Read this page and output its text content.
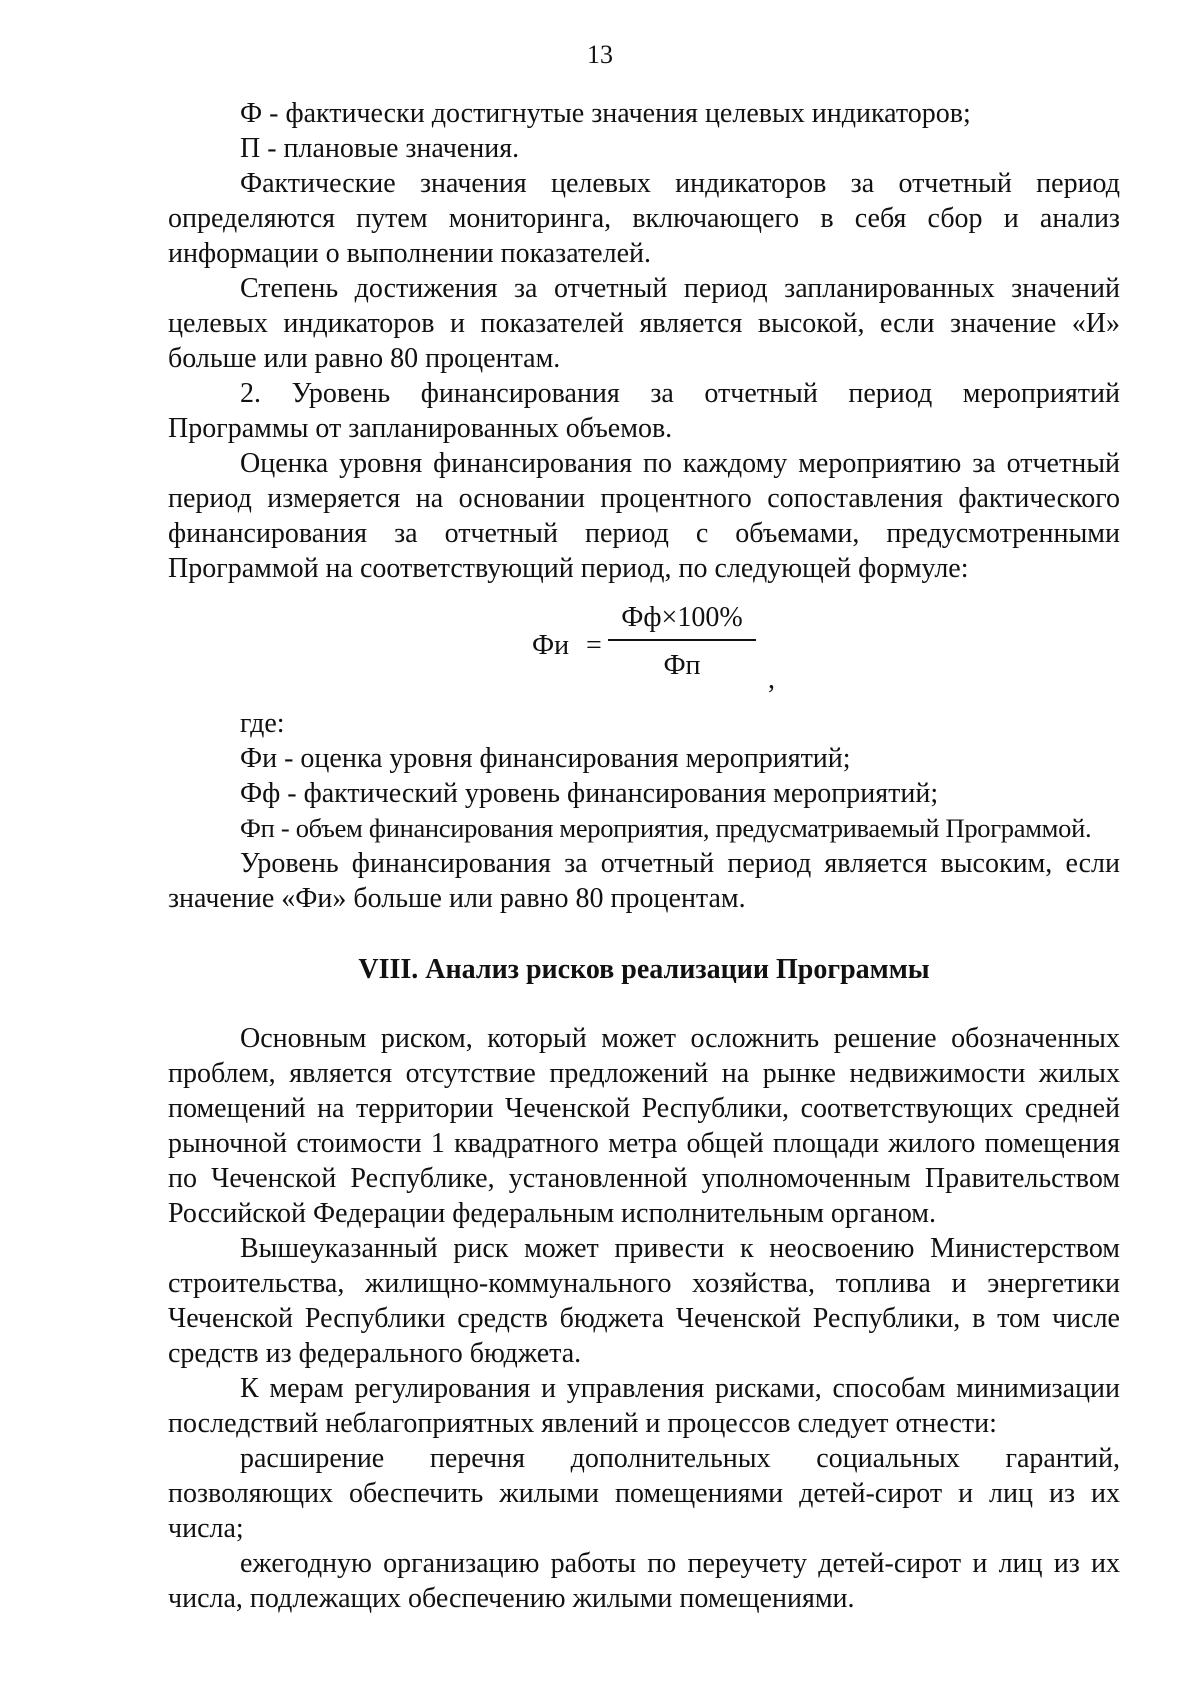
13

Ф - фактически достигнутые значения целевых индикаторов;

П - плановые значения.

Фактические значения целевых индикаторов за отчетный период определяются путем мониторинга, включающего в себя сбор и анализ информации о выполнении показателей.

Степень достижения за отчетный период запланированных значений целевых индикаторов и показателей является высокой, если значение «И» больше или равно 80 процентам.

2. Уровень финансирования за отчетный период мероприятий Программы от запланированных объемов.

Оценка уровня финансирования по каждому мероприятию за отчетный период измеряется на основании процентного сопоставления фактического финансирования за отчетный период с объемами, предусмотренными Программой на соответствующий период, по следующей формуле:

Фи =
Фф×100%
Фп	,

где:

Фи - оценка уровня финансирования мероприятий;

Фф - фактический уровень финансирования мероприятий;

Фп - объем финансирования мероприятия, предусматриваемый Программой.

Уровень финансирования за отчетный период является высоким, если значение «Фи» больше или равно 80 процентам.

VIII. Анализ рисков реализации Программы

Основным риском, который может осложнить решение обозначенных проблем, является отсутствие предложений на рынке недвижимости жилых помещений на территории Чеченской Республики, соответствующих средней рыночной стоимости 1 квадратного метра общей площади жилого помещения по Чеченской Республике, установленной уполномоченным Правительством Российской Федерации федеральным исполнительным органом.

Вышеуказанный риск может привести к неосвоению Министерством строительства, жилищно-коммунального хозяйства, топлива и энергетики Чеченской Республики средств бюджета Чеченской Республики, в том числе средств из федерального бюджета.

К мерам регулирования и управления рисками, способам минимизации последствий неблагоприятных явлений и процессов следует отнести:

расширение перечня дополнительных социальных гарантий, позволяющих обеспечить жилыми помещениями детей-сирот и лиц из их числа;

ежегодную организацию работы по переучету детей-сирот и лиц из их числа, подлежащих обеспечению жилыми помещениями.
